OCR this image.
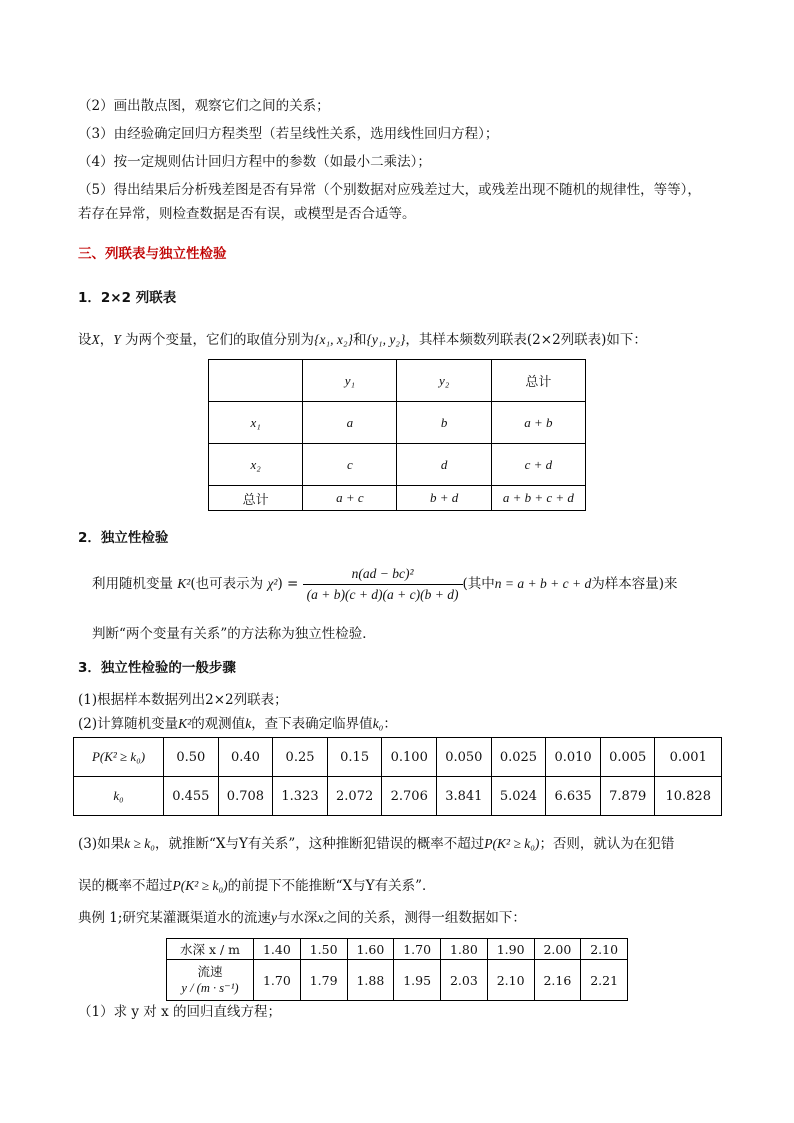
（2）画出散点图，观察它们之间的关系；
（3）由经验确定回归方程类型（若呈线性关系，选用线性回归方程）；
（4）按一定规则估计回归方程中的参数（如最小二乘法）；
（5）得出结果后分析残差图是否有异常（个别数据对应残差过大，或残差出现不随机的规律性，等等），
若存在异常，则检查数据是否有误，或模型是否合适等。
三、列联表与独立性检验
1．2×2 列联表
设X，Y 为两个变量，它们的取值分别为{x₁, x₂}和{y₁, y₂}，其样本频数列联表(2×2列联表)如下：
	y₁	y₂	总计
x₁	a	b	a + b
x₂	c	d	c + d
总计	a + c	b + d	a + b + c + d
2．独立性检验
利用随机变量 K²(也可表示为 $\chi^2) = \frac{\text{n(ad − bc)²}}{(a + b)(c + d)(a + c)(b + d)}$ (其中n = a + b + c + d为样本容量)来
判断“两个变量有关系”的方法称为独立性检验．
3．独立性检验的一般步骤
(1)根据样本数据列出2×2列联表；
(2)计算随机变量K²的观测值k，查下表确定临界值k₀：
P(K² ≥ k₀)	0.50	0.40	0.25	0.15	0.100	0.050	0.025	0.010	0.005	0.001
k₀	0.455	0.708	1.323	2.072	2.706	3.841	5.024	6.635	7.879	10.828
(3)如果k ≥ k₀，就推断“X与Y有关系”，这种推断犯错误的概率不超过P(K² ≥ k₀)；否则，就认为在犯错
误的概率不超过P(K² ≥ k₀)的前提下不能推断“X与Y有关系”．
典例 1;研究某灌溉渠道水的流速y与水深x之间的关系，测得一组数据如下：
水深 x / m	1.40	1.50	1.60	1.70	1.80	1.90	2.00	2.10
流速
y / (m · s⁻¹)	1.70	1.79	1.88	1.95	2.03	2.10	2.16	2.21
（1）求 y 对 x 的回归直线方程；
